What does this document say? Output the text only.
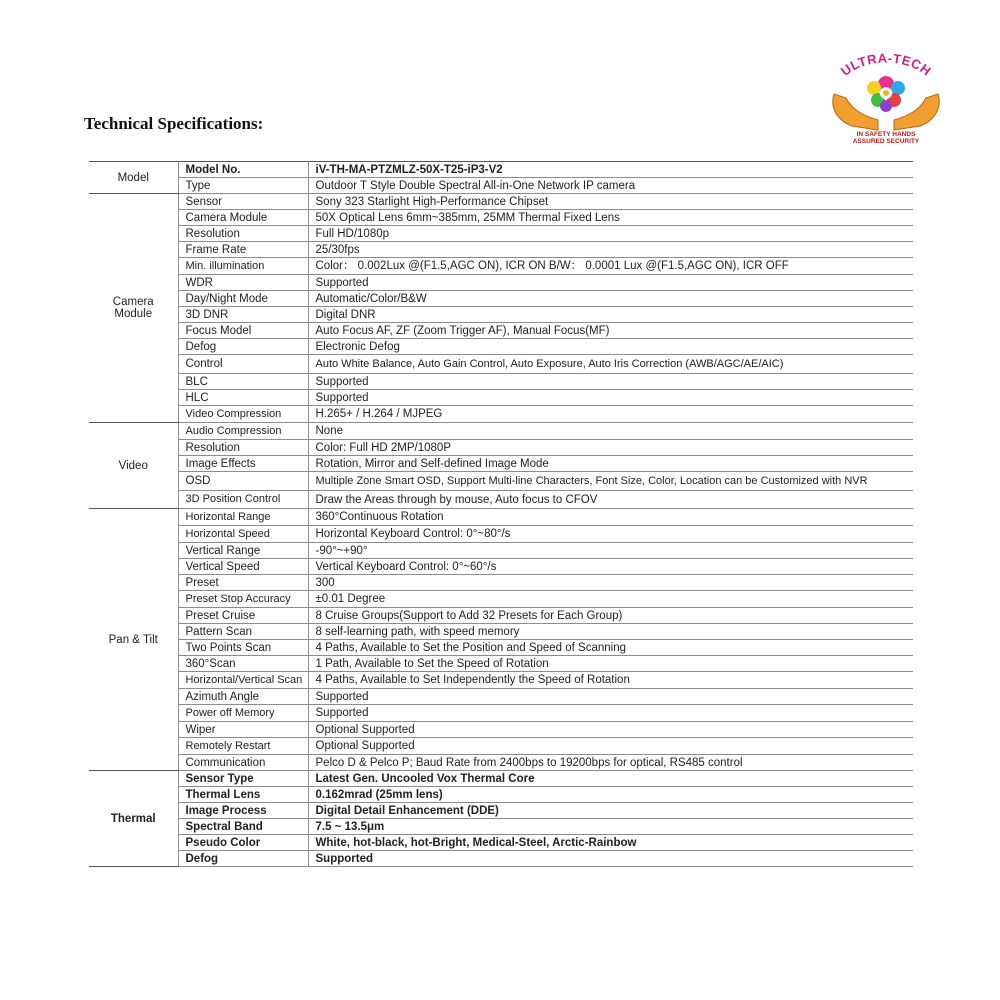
Technical Specifications:
ULTRA-TECH
IN SAFETY HANDS
ASSURED SECURITY
Model	Model No.	iV-TH-MA-PTZMLZ-50X-T25-iP3-V2
	Type	Outdoor T Style Double Spectral All-in-One Network IP camera
Camera
Module	Sensor	Sony 323 Starlight High-Performance Chipset
	Camera Module	50X Optical Lens 6mm~385mm, 25MM Thermal Fixed Lens
	Resolution	Full HD/1080p
	Frame Rate	25/30fps
	Min. illumination	Color： 0.002Lux @(F1.5,AGC ON), ICR ON B/W： 0.0001 Lux @(F1.5,AGC ON), ICR OFF
	WDR	Supported
	Day/Night Mode	Automatic/Color/B&W
	3D DNR	Digital DNR
	Focus Model	Auto Focus AF, ZF (Zoom Trigger AF), Manual Focus(MF)
	Defog	Electronic Defog
	Control	Auto White Balance, Auto Gain Control, Auto Exposure, Auto Iris Correction (AWB/AGC/AE/AIC)
	BLC	Supported
	HLC	Supported
	Video Compression	H.265+ / H.264 / MJPEG
Video	Audio Compression	None
	Resolution	Color: Full HD 2MP/1080P
	Image Effects	Rotation, Mirror and Self-defined Image Mode
	OSD	Multiple Zone Smart OSD, Support Multi-line Characters, Font Size, Color, Location can be Customized with NVR
	3D Position Control	Draw the Areas through by mouse, Auto focus to CFOV
Pan & Tilt	Horizontal Range	360°Continuous Rotation
	Horizontal Speed	Horizontal Keyboard Control: 0°~80°/s
	Vertical Range	-90°~+90°
	Vertical Speed	Vertical Keyboard Control: 0°~60°/s
	Preset	300
	Preset Stop Accuracy	±0.01 Degree
	Preset Cruise	8 Cruise Groups(Support to Add 32 Presets for Each Group)
	Pattern Scan	8 self-learning path, with speed memory
	Two Points Scan	4 Paths, Available to Set the Position and Speed of Scanning
	360°Scan	1 Path, Available to Set the Speed of Rotation
	Horizontal/Vertical Scan	4 Paths, Available to Set Independently the Speed of Rotation
	Azimuth Angle	Supported
	Power off Memory	Supported
	Wiper	Optional Supported
	Remotely Restart	Optional Supported
	Communication	Pelco D & Pelco P; Baud Rate from 2400bps to 19200bps for optical, RS485 control
Thermal	Sensor Type	Latest Gen. Uncooled Vox Thermal Core
	Thermal Lens	0.162mrad (25mm lens)
	Image Process	Digital Detail Enhancement (DDE)
	Spectral Band	7.5 ~ 13.5μm
	Pseudo Color	White, hot-black, hot-Bright, Medical-Steel, Arctic-Rainbow
	Defog	Supported
